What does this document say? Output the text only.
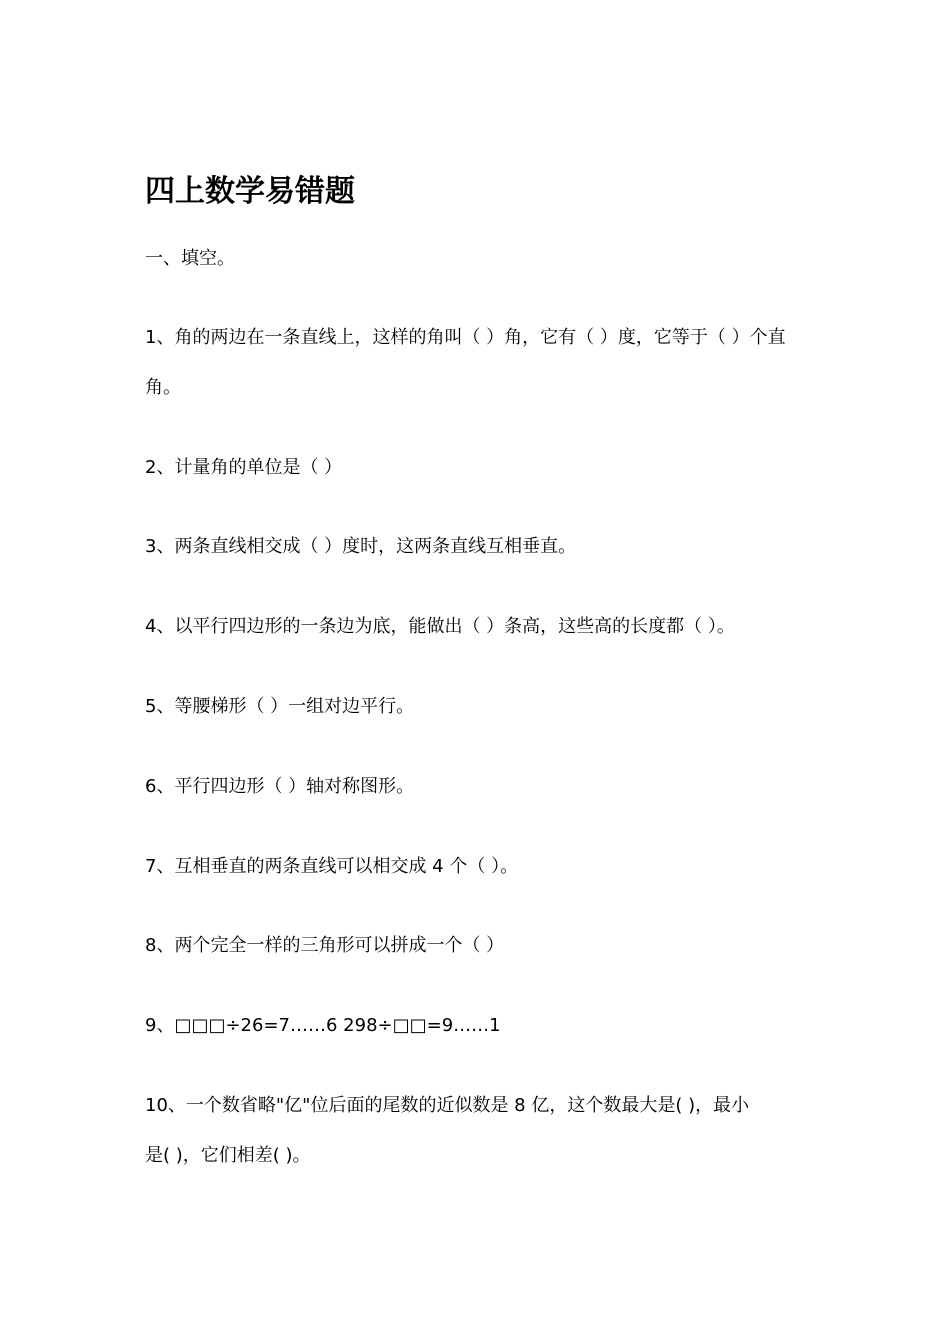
四上数学易错题
一、填空。
1、角的两边在一条直线上，这样的角叫（ ）角，它有（ ）度，它等于（ ）个直
角。
2、计量角的单位是（ ）
3、两条直线相交成（ ）度时，这两条直线互相垂直。
4、以平行四边形的一条边为底，能做出（ ）条高，这些高的长度都（ ）。
5、等腰梯形（ ）一组对边平行。
6、平行四边形（ ）轴对称图形。
7、互相垂直的两条直线可以相交成 4 个（ ）。
8、两个完全一样的三角形可以拼成一个（ ）
9、□□□÷26=7……6 298÷□□=9……1
10、一个数省略"亿"位后面的尾数的近似数是 8 亿，这个数最大是( )，最小
是( )，它们相差( )。
